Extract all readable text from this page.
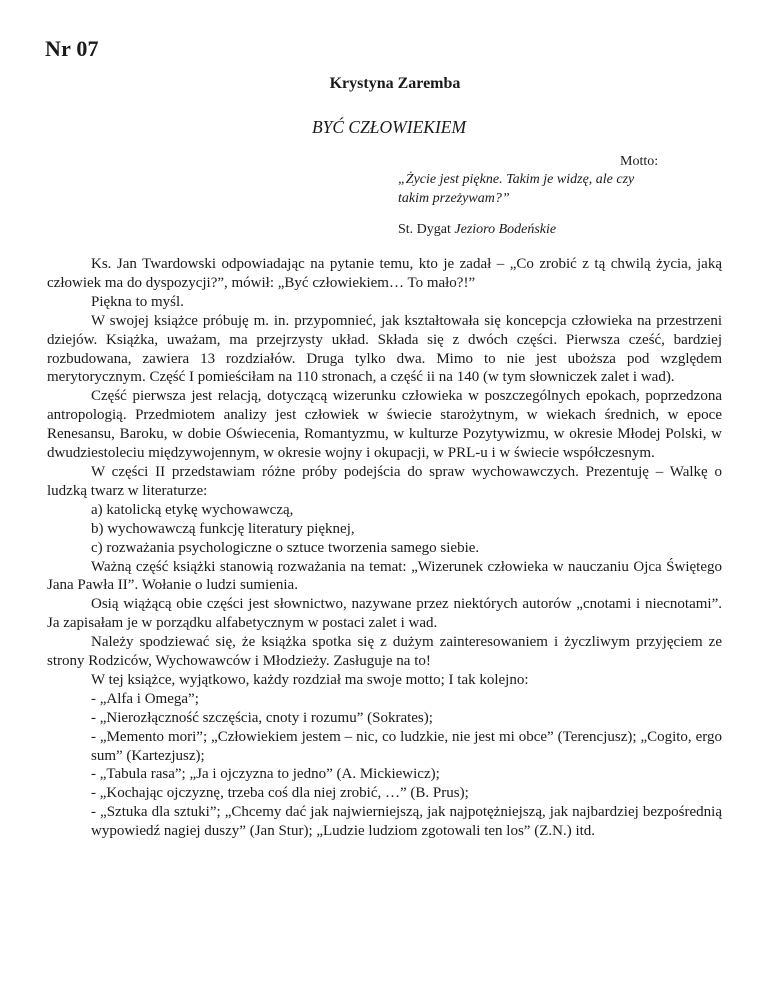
Nr 07
Krystyna Zaremba
BYĆ CZŁOWIEKIEM
Motto:
„Życie jest piękne. Takim je widzę, ale czy takim przeżywam?”
St. Dygat Jezioro Bodeńskie

Ks. Jan Twardowski odpowiadając na pytanie temu, kto je zadał – „Co zrobić z tą chwilą życia, jaką człowiek ma do dyspozycji?”, mówił: „Być człowiekiem… To mało?!”

Piękna to myśl.

W swojej książce próbuję m. in. przypomnieć, jak kształtowała się koncepcja człowieka na przestrzeni dziejów. Książka, uważam, ma przejrzysty układ. Składa się z dwóch części. Pierwsza cześć, bardziej rozbudowana, zawiera 13 rozdziałów. Druga tylko dwa. Mimo to nie jest uboższa pod względem merytorycznym. Część I pomieściłam na 110 stronach, a część ii na 140 (w tym słowniczek zalet i wad).

Część pierwsza jest relacją, dotyczącą wizerunku człowieka w poszczególnych epokach, poprzedzona antropologią. Przedmiotem analizy jest człowiek w świecie starożytnym, w wiekach średnich, w epoce Renesansu, Baroku, w dobie Oświecenia, Romantyzmu, w kulturze Pozytywizmu, w okresie Młodej Polski, w dwudziestoleciu międzywojennym, w okresie wojny i okupacji, w PRL-u i w świecie współczesnym.

W części II przedstawiam różne próby podejścia do spraw wychowawczych. Prezentuję – Walkę o ludzką twarz w literaturze:

a) katolicką etykę wychowawczą,
b) wychowawczą funkcję literatury pięknej,
c) rozważania psychologiczne o sztuce tworzenia samego siebie.

Ważną część książki stanowią rozważania na temat: „Wizerunek człowieka w nauczaniu Ojca Świętego Jana Pawła II”. Wołanie o ludzi sumienia.

Osią wiążącą obie części jest słownictwo, nazywane przez niektórych autorów „cnotami i niecnotami”. Ja zapisałam je w porządku alfabetycznym w postaci zalet i wad.

Należy spodziewać się, że książka spotka się z dużym zainteresowaniem i życzliwym przyjęciem ze strony Rodziców, Wychowawców i Młodzieży. Zasługuje na to!

W tej książce, wyjątkowo, każdy rozdział ma swoje motto; I tak kolejno:

- „Alfa i Omega”;
- „Nierozłączność szczęścia, cnoty i rozumu” (Sokrates);
- „Memento mori”; „Człowiekiem jestem – nic, co ludzkie, nie jest mi obce” (Terencjusz); „Cogito, ergo sum” (Kartezjusz);
- „Tabula rasa”; „Ja i ojczyzna to jedno” (A. Mickiewicz);
- „Kochając ojczyznę, trzeba coś dla niej zrobić, …” (B. Prus);
- „Sztuka dla sztuki”; „Chcemy dać jak najwierniejszą, jak najpotężniejszą, jak najbardziej bezpośrednią wypowiedź nagiej duszy” (Jan Stur); „Ludzie ludziom zgotowali ten los” (Z.N.) itd.
